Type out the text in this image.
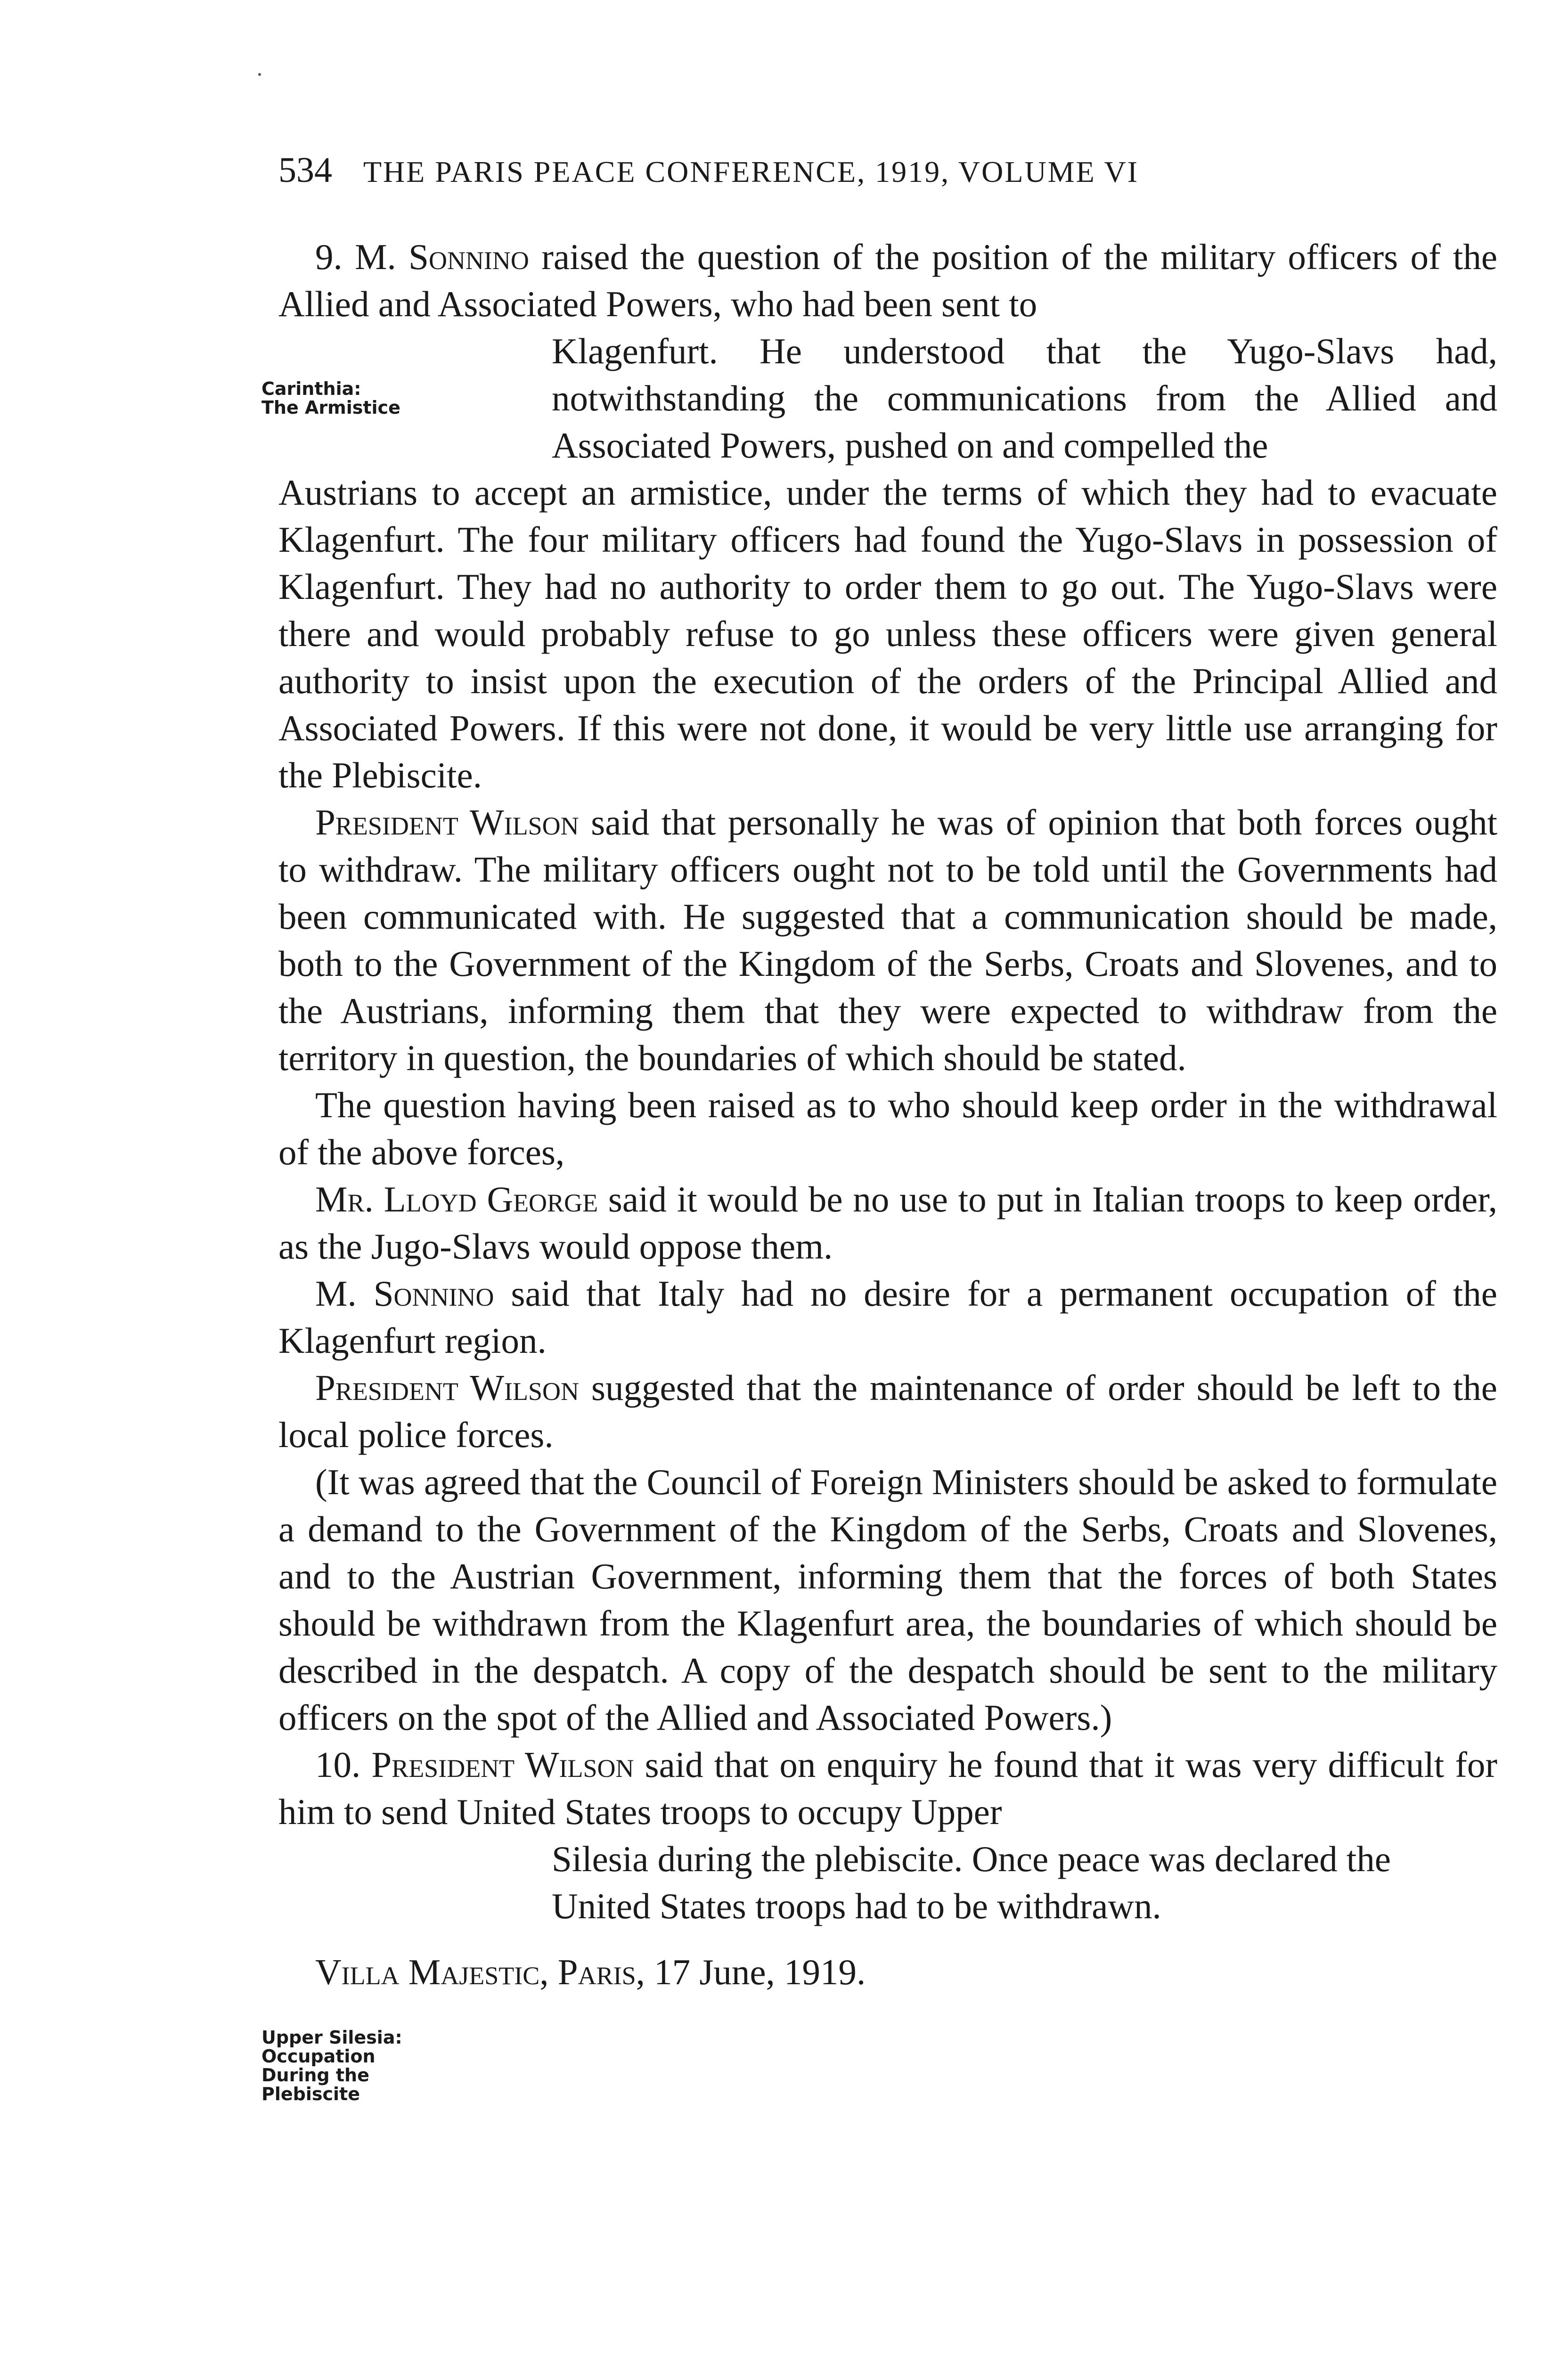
534 THE PARIS PEACE CONFERENCE, 1919, VOLUME VI
Carinthia:
The Armistice
Upper Silesia:
Occupation
During the
Plebiscite

9. M. Sonnino raised the question of the position of the military officers of the Allied and Associated Powers, who had been sent to

Klagenfurt. He understood that the Yugo-Slavs had, notwithstanding the communications from the Allied and Associated Powers, pushed on and compelled the

Austrians to accept an armistice, under the terms of which they had to evacuate Klagenfurt. The four military officers had found the Yugo-Slavs in possession of Klagenfurt. They had no authority to order them to go out. The Yugo-Slavs were there and would probably refuse to go unless these officers were given general authority to insist upon the execution of the orders of the Principal Allied and Associated Powers. If this were not done, it would be very little use arranging for the Plebiscite.

President Wilson said that personally he was of opinion that both forces ought to withdraw. The military officers ought not to be told until the Governments had been communicated with. He suggested that a communication should be made, both to the Government of the Kingdom of the Serbs, Croats and Slovenes, and to the Austrians, informing them that they were expected to withdraw from the territory in question, the boundaries of which should be stated.

The question having been raised as to who should keep order in the withdrawal of the above forces,

Mr. Lloyd George said it would be no use to put in Italian troops to keep order, as the Jugo-Slavs would oppose them.

M. Sonnino said that Italy had no desire for a permanent occupation of the Klagenfurt region.

President Wilson suggested that the maintenance of order should be left to the local police forces.

(It was agreed that the Council of Foreign Ministers should be asked to formulate a demand to the Government of the Kingdom of the Serbs, Croats and Slovenes, and to the Austrian Government, informing them that the forces of both States should be withdrawn from the Klagenfurt area, the boundaries of which should be described in the despatch. A copy of the despatch should be sent to the military officers on the spot of the Allied and Associated Powers.)

10. President Wilson said that on enquiry he found that it was very difficult for him to send United States troops to occupy Upper

Silesia during the plebiscite. Once peace was declared the United States troops had to be withdrawn.

Villa Majestic, Paris, 17 June, 1919.
